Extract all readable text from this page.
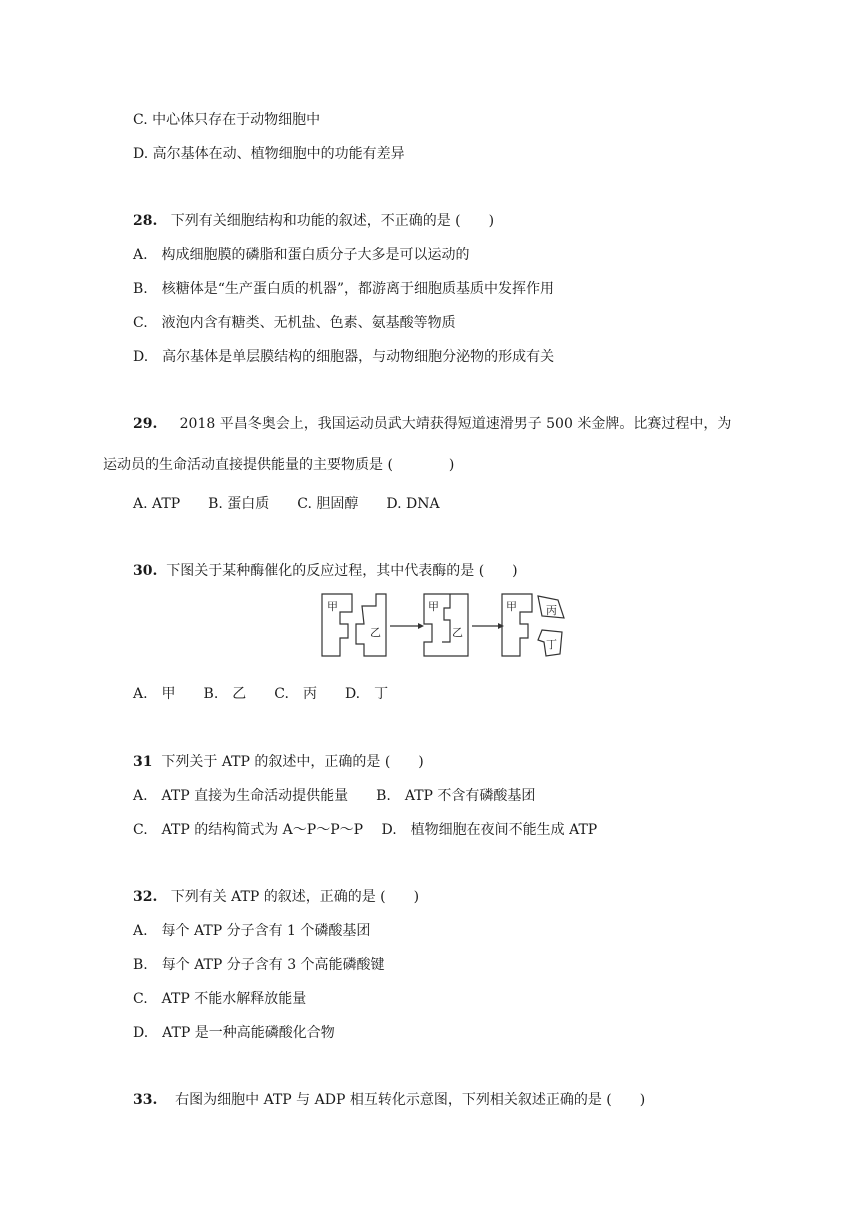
C. 中心体只存在于动物细胞中
D. 高尔基体在动、植物细胞中的功能有差异
28. 下列有关细胞结构和功能的叙述，不正确的是 (　　)
A.　构成细胞膜的磷脂和蛋白质分子大多是可以运动的
B.　核糖体是“生产蛋白质的机器”，都游离于细胞质基质中发挥作用
C.　液泡内含有糖类、无机盐、色素、氨基酸等物质
D.　高尔基体是单层膜结构的细胞器，与动物细胞分泌物的形成有关
29. 2018 平昌冬奥会上，我国运动员武大靖获得短道速滑男子 500 米金牌。比赛过程中，为
运动员的生命活动直接提供能量的主要物质是 (　　　　)
A. ATP　　B. 蛋白质　　C. 胆固醇　　D. DNA
30. 下图关于某种酶催化的反应过程，其中代表酶的是 (　　)
甲
乙
甲
乙
甲	丙
丁
A.　甲　　B.　乙　　C.　丙　　D.　丁
31 下列关于 ATP 的叙述中，正确的是 (　　)
A.　ATP 直接为生命活动提供能量　　B.　ATP 不含有磷酸基团
C.　ATP 的结构简式为 A～P～P～P　 D.　植物细胞在夜间不能生成 ATP
32. 下列有关 ATP 的叙述，正确的是 (　　)
A.　每个 ATP 分子含有 1 个磷酸基团
B.　每个 ATP 分子含有 3 个高能磷酸键
C.　ATP 不能水解释放能量
D.　ATP 是一种高能磷酸化合物
33. 右图为细胞中 ATP 与 ADP 相互转化示意图，下列相关叙述正确的是 (　　)
